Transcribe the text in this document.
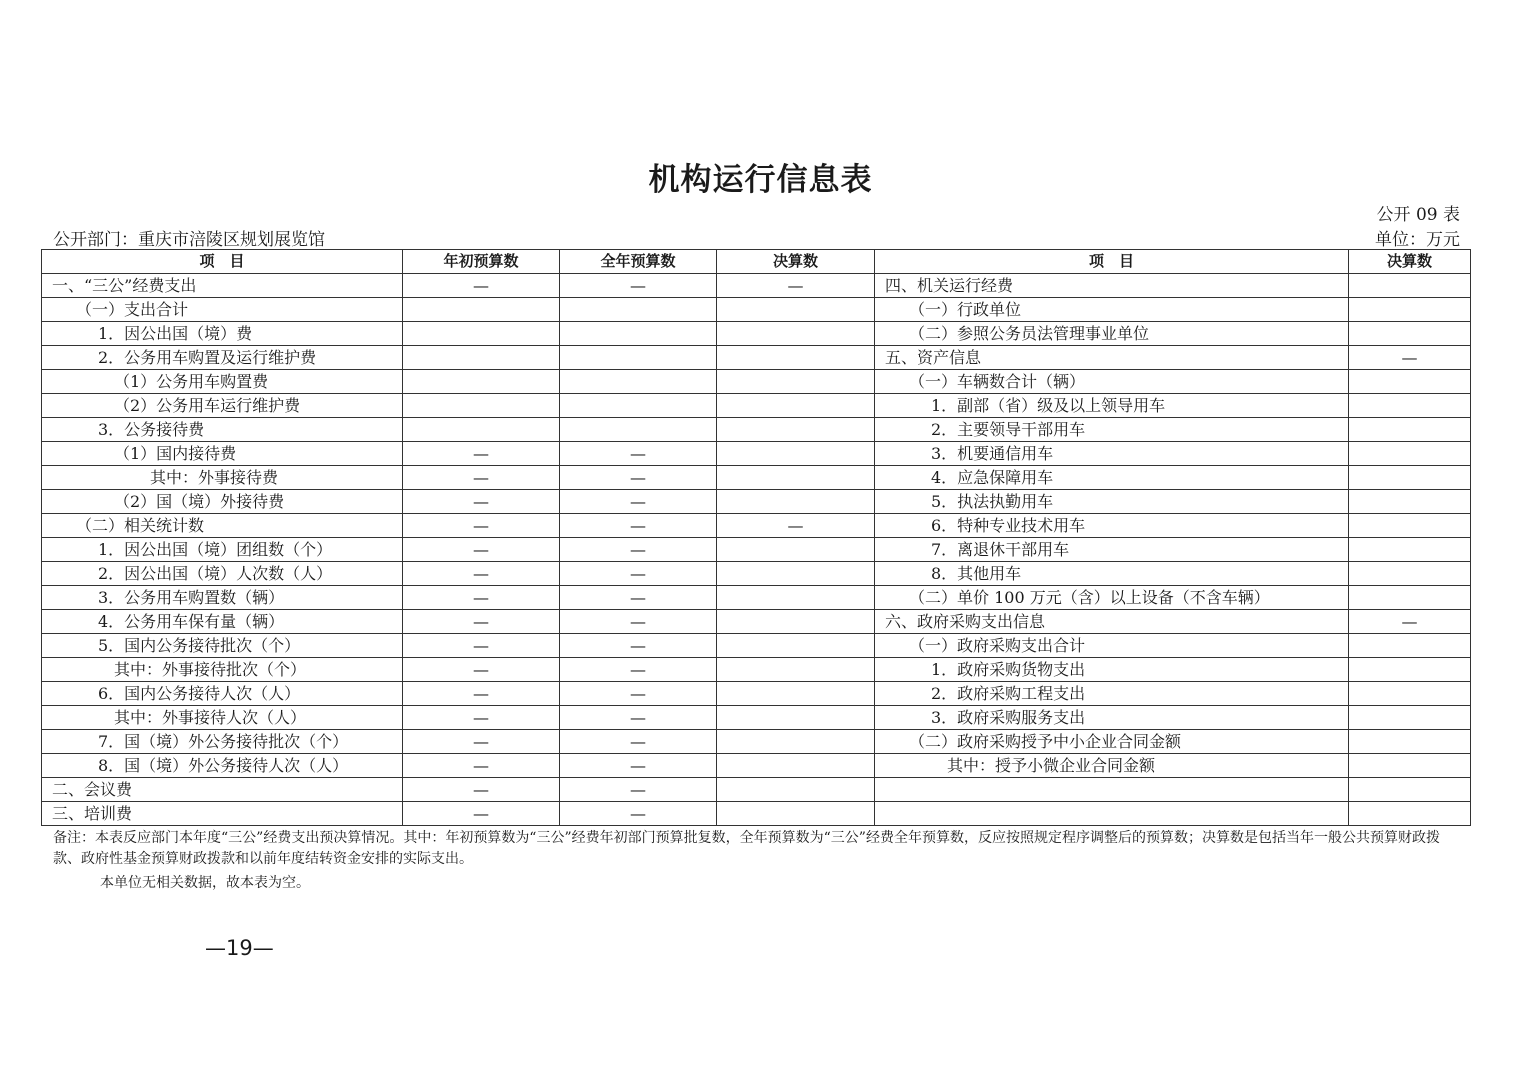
机构运行信息表
公开 09 表
公开部门：重庆市涪陵区规划展览馆	单位：万元
项　目	年初预算数	全年预算数	决算数	项　目	决算数
一、“三公”经费支出	—	—	—	四、机关运行经费	
（一）支出合计				（一）行政单位	
1．因公出国（境）费				（二）参照公务员法管理事业单位	
2．公务用车购置及运行维护费				五、资产信息	—
（1）公务用车购置费				（一）车辆数合计（辆）	
（2）公务用车运行维护费				1．副部（省）级及以上领导用车	
3．公务接待费				2．主要领导干部用车	
（1）国内接待费	—	—		3．机要通信用车	
其中：外事接待费	—	—		4．应急保障用车	
（2）国（境）外接待费	—	—		5．执法执勤用车	
（二）相关统计数	—	—	—	6．特种专业技术用车	
1．因公出国（境）团组数（个）	—	—		7．离退休干部用车	
2．因公出国（境）人次数（人）	—	—		8．其他用车	
3．公务用车购置数（辆）	—	—		（二）单价 100 万元（含）以上设备（不含车辆）	
4．公务用车保有量（辆）	—	—		六、政府采购支出信息	—
5．国内公务接待批次（个）	—	—		（一）政府采购支出合计	
其中：外事接待批次（个）	—	—		1．政府采购货物支出	
6．国内公务接待人次（人）	—	—		2．政府采购工程支出	
其中：外事接待人次（人）	—	—		3．政府采购服务支出	
7．国（境）外公务接待批次（个）	—	—		（二）政府采购授予中小企业合同金额	
8．国（境）外公务接待人次（人）	—	—		其中：授予小微企业合同金额	
二、会议费	—	—			
三、培训费	—	—			
备注：本表反应部门本年度“三公”经费支出预决算情况。其中：年初预算数为“三公”经费年初部门预算批复数，全年预算数为“三公”经费全年预算数，反应按照规定程序调整后的预算数；决算数是包括当年一般公共预算财政拨款、政府性基金预算财政拨款和以前年度结转资金安排的实际支出。
本单位无相关数据，故本表为空。
—19—
